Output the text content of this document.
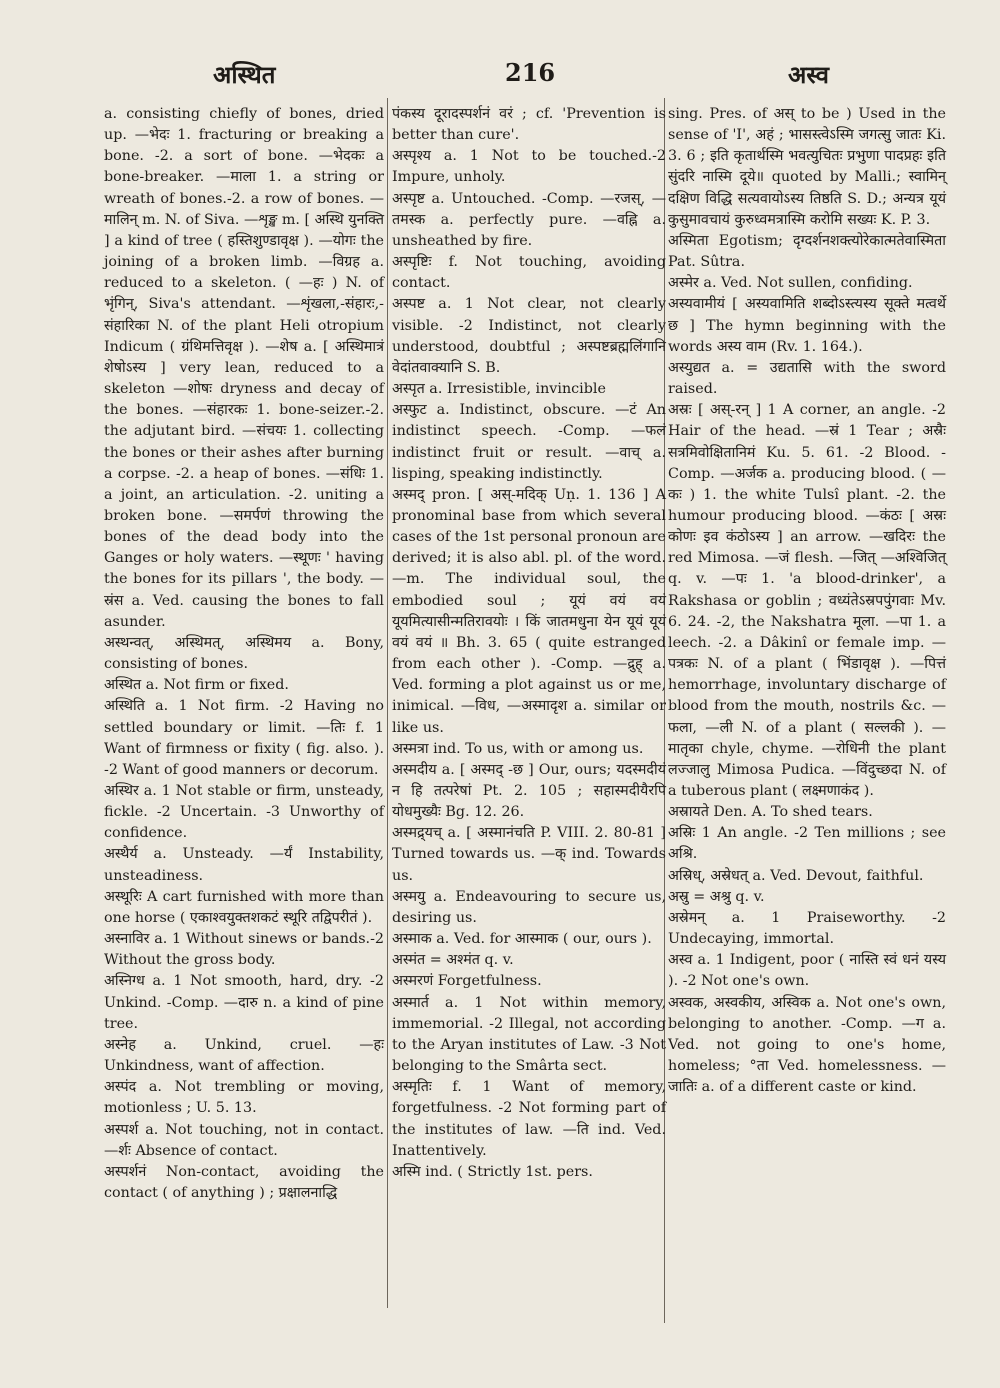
अस्थित	216	अस्व

a. consisting chiefly of bones, dried up. —भेदः 1. fracturing or breaking a bone. -2. a sort of bone. —भेदकः a bone-breaker. —माला 1. a string or wreath of bones.-2. a row of bones. —मालिन् m. N. of Siva. —शृङ्ख m. [ अस्थि युनक्ति ] a kind of tree ( हस्तिशुण्डावृक्ष ). —योगः the joining of a broken limb. —विग्रह a. reduced to a skeleton. ( —हः ) N. of भृंगिन्, Siva's attendant. —शृंखला,-संहारः,-संहारिका N. of the plant Heli otropium Indicum ( ग्रंथिमत्तिवृक्ष ). —शेष a. [ अस्थिमात्रं शेषोऽस्य ] very lean, reduced to a skeleton —शोषः dryness and decay of the bones. —संहारकः 1. bone-seizer.-2. the adjutant bird. —संचयः 1. collecting the bones or their ashes after burning a corpse. -2. a heap of bones. —संधिः 1. a joint, an articulation. -2. uniting a broken bone. —समर्पणं throwing the bones of the dead body into the Ganges or holy waters. —स्थूणः ' having the bones for its pillars ', the body. —स्रंस a. Ved. causing the bones to fall asunder.

अस्थन्वत्, अस्थिमत्, अस्थिमय a. Bony, consisting of bones.

अस्थित a. Not firm or fixed.

अस्थिति a. 1 Not firm. -2 Having no settled boundary or limit. —तिः f. 1 Want of firmness or fixity ( fig. also. ). -2 Want of good manners or decorum.

अस्थिर a. 1 Not stable or firm, unsteady, fickle. -2 Uncertain. -3 Unworthy of confidence.

अस्थैर्य a. Unsteady. —र्यं Instability, unsteadiness.

अस्थूरिः A cart furnished with more than one horse ( एकाश्वयुक्तशकटं स्थूरि तद्विपरीतं ).

अस्नाविर a. 1 Without sinews or bands.-2 Without the gross body.

अस्निग्ध a. 1 Not smooth, hard, dry. -2 Unkind. -Comp. —दारु n. a kind of pine tree.

अस्नेह a. Unkind, cruel. —हः Unkindness, want of affection.

अस्पंद a. Not trembling or moving, motionless ; U. 5. 13.

अस्पर्श a. Not touching, not in contact. —र्शः Absence of contact.

अस्पर्शनं Non-contact, avoiding the contact ( of anything ) ; प्रक्षालनाद्धि

पंकस्य दूरादस्पर्शनं वरं ; cf. 'Prevention is better than cure'.

अस्पृश्य a. 1 Not to be touched.-2 Impure, unholy.

अस्पृष्ट a. Untouched. -Comp. —रजस्, —तमस्क a. perfectly pure. —वह्नि a. unsheathed by fire.

अस्पृष्टिः f. Not touching, avoiding contact.

अस्पष्ट a. 1 Not clear, not clearly visible. -2 Indistinct, not clearly understood, doubtful ; अस्पष्टब्रह्मलिंगानि वेदांतवाक्यानि S. B.

अस्पृत a. Irresistible, invincible

अस्फुट a. Indistinct, obscure. —टं An indistinct speech. -Comp. —फलं indistinct fruit or result. —वाच् a. lisping, speaking indistinctly.

अस्मद् pron. [ अस्-मदिक् Uṇ. 1. 136 ] A pronominal base from which several cases of the 1st personal pronoun are derived; it is also abl. pl. of the word. —m. The individual soul, the embodied soul ; यूयं वयं वयं यूयमित्यासीन्मतिरावयोः । किं जातमधुना येन यूयं यूयं वयं वयं ॥ Bh. 3. 65 ( quite estranged from each other ). -Comp. —द्रुह् a. Ved. forming a plot against us or me, inimical. —विध, —अस्मादृश a. similar or like us.

अस्मत्रा ind. To us, with or among us.

अस्मदीय a. [ अस्मद् -छ ] Our, ours; यदस्मदीयं न हि तत्परेषां Pt. 2. 105 ; सहास्मदीयैरपि योधमुख्यैः Bg. 12. 26.

अस्मद्र्यच् a. [ अस्मानंचति P. VIII. 2. 80-81 ] Turned towards us. —क् ind. Towards us.

अस्मयु a. Endeavouring to secure us, desiring us.

अस्माक a. Ved. for आस्माक ( our, ours ).

अस्मंत = अश्मंत q. v.

अस्मरणं Forgetfulness.

अस्मार्त a. 1 Not within memory, immemorial. -2 Illegal, not according to the Aryan institutes of Law. -3 Not belonging to the Smârta sect.

अस्मृतिः f. 1 Want of memory, forgetfulness. -2 Not forming part of the institutes of law. —ति ind. Ved. Inattentively.

अस्मि ind. ( Strictly 1st. pers.

sing. Pres. of अस् to be ) Used in the sense of 'I', अहं ; भासस्त्वेऽस्मि जगत्सु जातः Ki. 3. 6 ; इति कृतार्थस्मि भवत्युचितः प्रभुणा पादप्रहः इति सुंदरि नास्मि दूये॥ quoted by Malli.; स्वामिन् दक्षिण विद्धि सत्यवायोऽस्य तिष्ठति S. D.; अन्यत्र यूयं कुसुमावचायं कुरुध्वमत्रास्मि करोमि सख्यः K. P. 3.

अस्मिता Egotism; दृग्दर्शनशक्त्योरेकात्मतेवास्मिता Pat. Sûtra.

अस्मेर a. Ved. Not sullen, confiding.

अस्यवामीयं [ अस्यवामिति शब्दोऽस्त्यस्य सूक्ते मत्वर्थे छ ] The hymn beginning with the words अस्य वाम (Rv. 1. 164.).

अस्युद्यत a. = उद्यतासि with the sword raised.

अस्रः [ अस्-रन् ] 1 A corner, an angle. -2 Hair of the head. —स्रं 1 Tear ; अस्रैः सत्रमिवोक्षितानिमं Ku. 5. 61. -2 Blood. -Comp. —अर्जक a. producing blood. ( —कः ) 1. the white Tulsî plant. -2. the humour producing blood. —कंठः [ अस्रः कोणः इव कंठोऽस्य ] an arrow. —खदिरः the red Mimosa. —जं flesh. —जित् —अश्विजित् q. v. —पः 1. 'a blood-drinker', a Rakshasa or goblin ; वध्यंतेऽस्रपपुंगवाः Mv. 6. 24. -2, the Nakshatra मूला. —पा 1. a leech. -2. a Dâkinî or female imp. —पत्रकः N. of a plant ( भिंडावृक्ष ). —पित्तं hemorrhage, involuntary discharge of blood from the mouth, nostrils &c. —फला, —ली N. of a plant ( सल्लकी ). —मातृका chyle, chyme. —रोधिनी the plant लज्जालु Mimosa Pudica. —विंदुच्छदा N. of a tuberous plant ( लक्ष्मणाकंद ).

अस्रायते Den. A. To shed tears.

अस्रिः 1 An angle. -2 Ten millions ; see अश्रि.

अस्रिध्, अस्रेधत् a. Ved. Devout, faithful.

अस्रु = अश्रु q. v.

अस्रेमन् a. 1 Praiseworthy. -2 Undecaying, immortal.

अस्व a. 1 Indigent, poor ( नास्ति स्वं धनं यस्य ). -2 Not one's own.

अस्वक, अस्वकीय, अस्विक a. Not one's own, belonging to another. -Comp. —ग a. Ved. not going to one's home, homeless; °ता Ved. homelessness. —जातिः a. of a different caste or kind.
